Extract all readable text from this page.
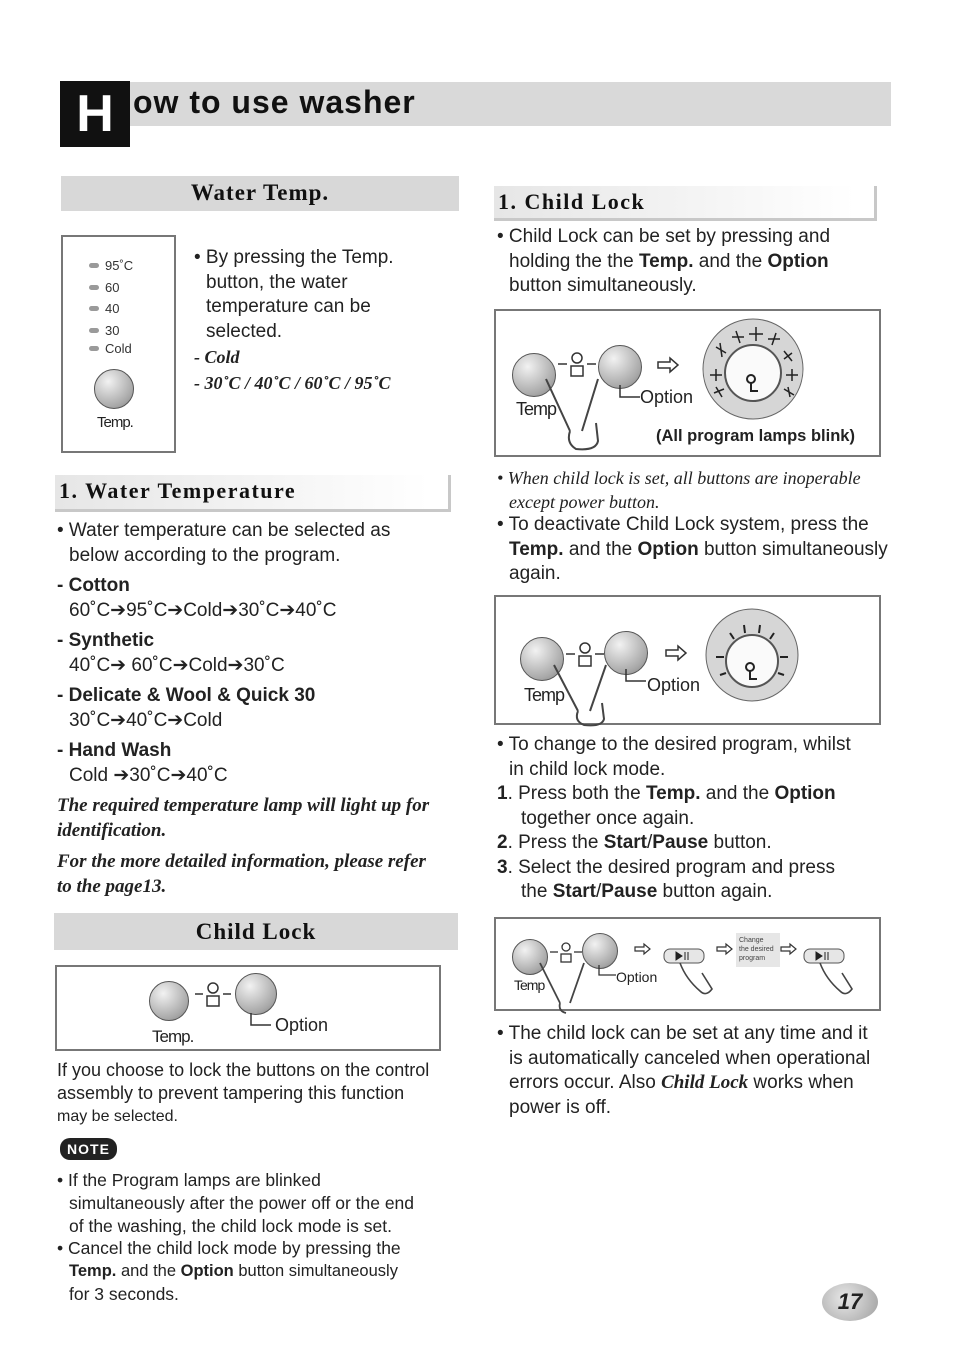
H ow to use washer
Water Temp.
95˚C
60
40
30
Cold
Temp.
• By pressing the Temp.
button, the water
temperature can be
selected.
- Cold
- 30˚C / 40˚C / 60˚C / 95˚C
1. Water Temperature
• Water temperature can be selected as
below according to the program.
- Cotton
60˚C➔95˚C➔Cold➔30˚C➔40˚C
- Synthetic
40˚C➔ 60˚C➔Cold➔30˚C
- Delicate & Wool & Quick 30
30˚C➔40˚C➔Cold
- Hand Wash
Cold ➔30˚C➔40˚C
The required temperature lamp will light up for
identification.
For the more detailed information, please refer
to the page13.
Child Lock
Temp.
Option
If you choose to lock the buttons on the control
assembly to prevent tampering this function
may be selected.
NOTE
• If the Program lamps are blinked
simultaneously after the power off or the end
of the washing, the child lock mode is set.
• Cancel the child lock mode by pressing the
Temp. and the Option button simultaneously
for 3 seconds.
1. Child Lock
• Child Lock can be set by pressing and
holding the the Temp. and the Option
button simultaneously.
Temp
Option
(All program lamps blink)
• When child lock is set, all buttons are inoperable
except power button.
• To deactivate Child Lock system, press the
Temp. and the Option button simultaneously
again.
Temp	Option
• To change to the desired program, whilst
in child lock mode.
1. Press both the Temp. and the Option
together once again.
2. Press the Start/Pause button.
3. Select the desired program and press
the Start/Pause button again.
Temp	Option
Change
the desired
program
• The child lock can be set at any time and it
is automatically canceled when operational
errors occur. Also Child Lock works when
power is off.
17
